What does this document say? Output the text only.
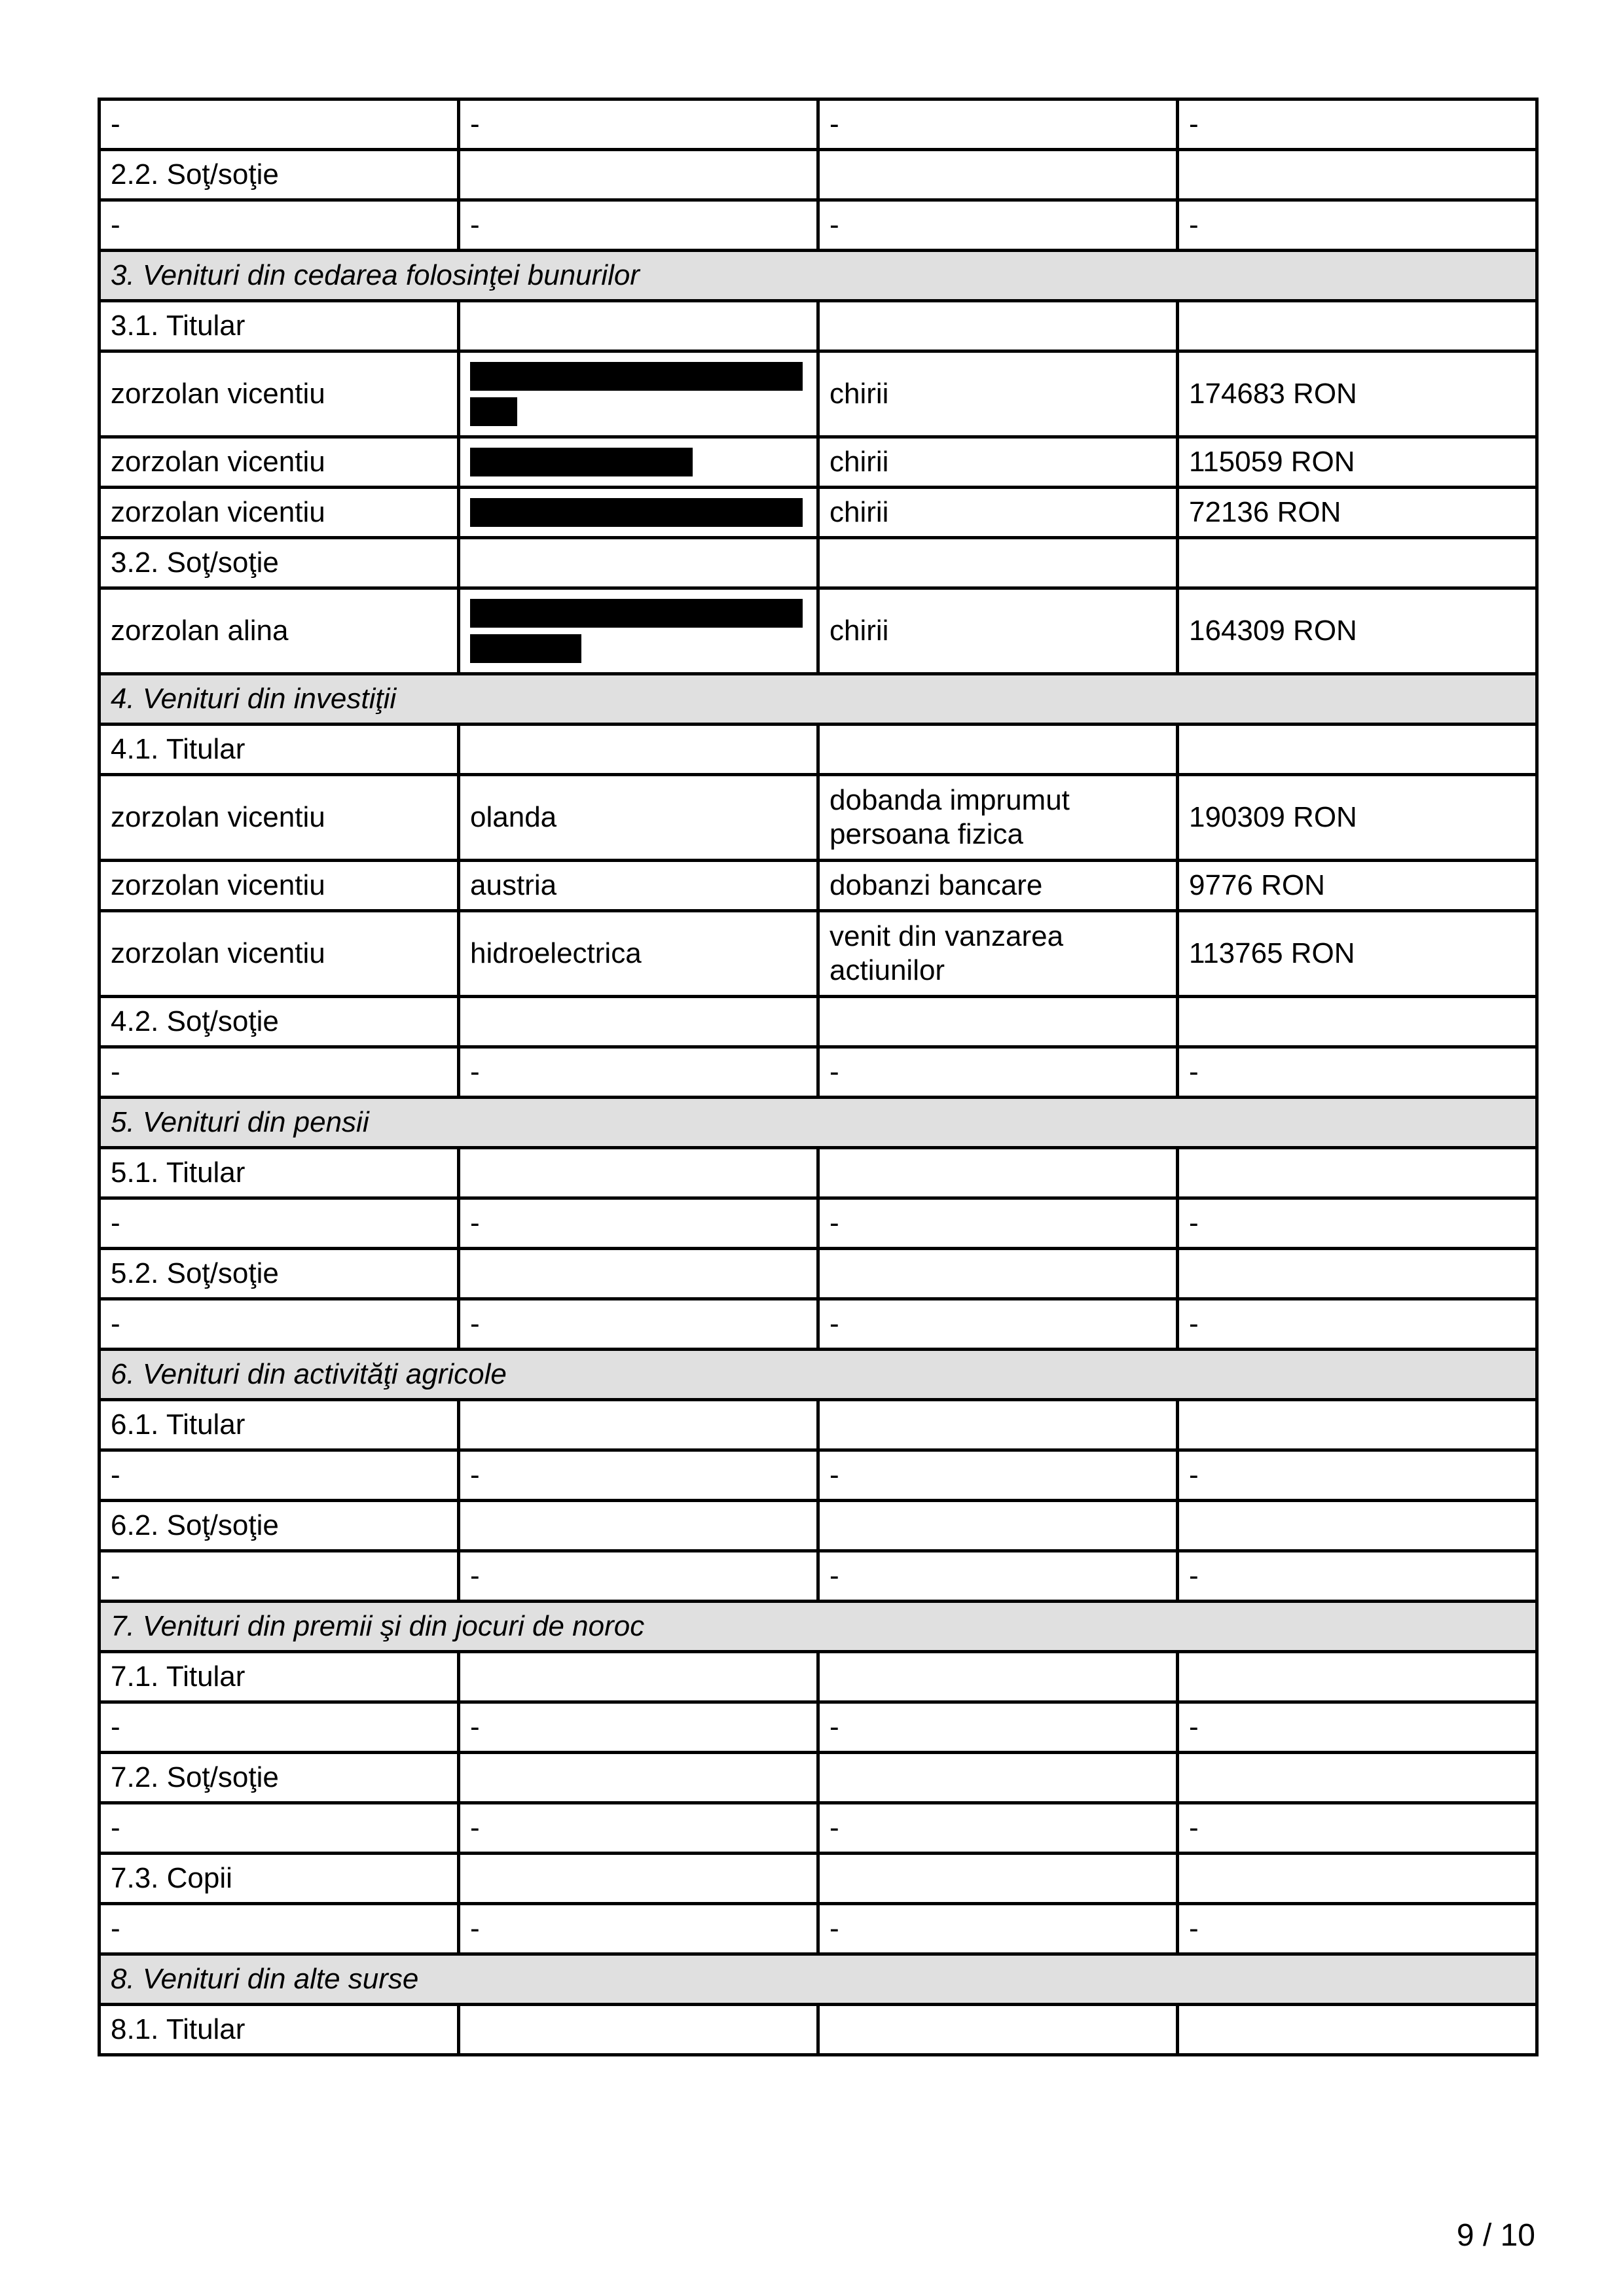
-	-	-	-
2.2. Soţ/soţie			
-	-	-	-
3. Venituri din cedarea folosinţei bunurilor			
3.1. Titular			
zorzolan vicentiu		chirii	174683 RON
zorzolan vicentiu		chirii	115059 RON
zorzolan vicentiu		chirii	72136 RON
3.2. Soţ/soţie			
zorzolan alina		chirii	164309 RON
4. Venituri din investiţii			
4.1. Titular			
zorzolan vicentiu	olanda	dobanda imprumut persoana fizica	190309 RON
zorzolan vicentiu	austria	dobanzi bancare	9776 RON
zorzolan vicentiu	hidroelectrica	venit din vanzarea actiunilor	113765 RON
4.2. Soţ/soţie			
-	-	-	-
5. Venituri din pensii			
5.1. Titular			
-	-	-	-
5.2. Soţ/soţie			
-	-	-	-
6. Venituri din activităţi agricole			
6.1. Titular			
-	-	-	-
6.2. Soţ/soţie			
-	-	-	-
7. Venituri din premii şi din jocuri de noroc			
7.1. Titular			
-	-	-	-
7.2. Soţ/soţie			
-	-	-	-
7.3. Copii			
-	-	-	-
8. Venituri din alte surse			
8.1. Titular			
9 / 10
